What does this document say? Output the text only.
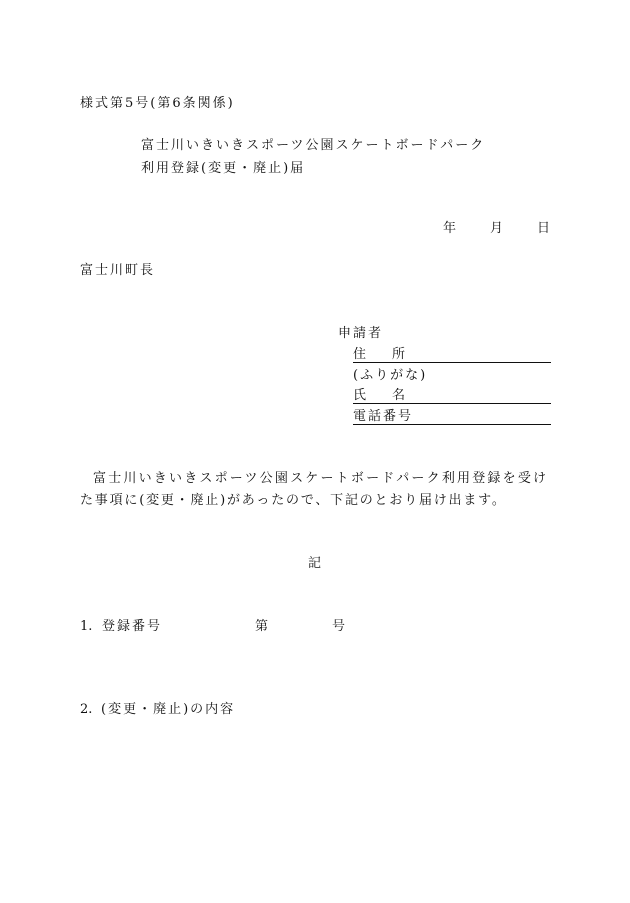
様式第5号(第6条関係)
富士川いきいきスポーツ公園スケートボードパーク
利用登録(変更・廃止)届
年	月	日
富士川町長
申請者
住　　所
(ふりがな)
氏　　名
電話番号
富士川いきいきスポーツ公園スケートボードパーク利用登録を受け
た事項に(変更・廃止)があったので、下記のとおり届け出ます。
記
1. 登録番号	第	号
2. (変更・廃止)の内容
